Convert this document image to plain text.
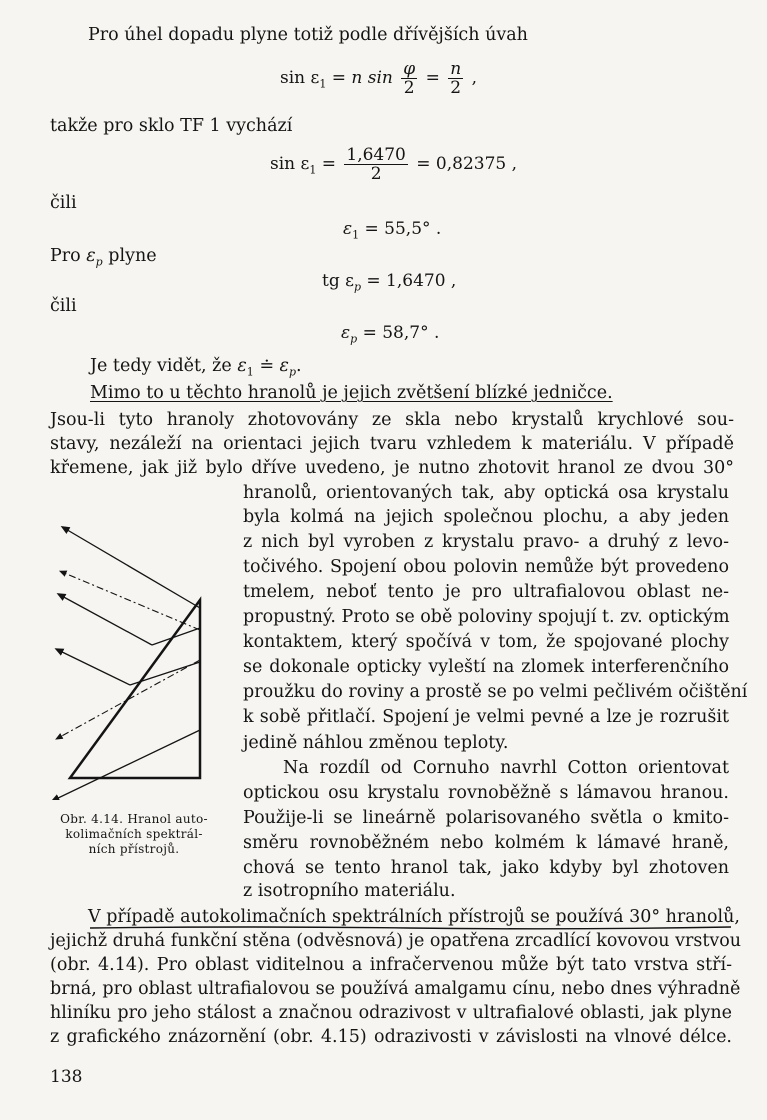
Pro úhel dopadu plyne totiž podle dřívějších úvah
$\sin \varepsilon_1 = n$ $\sin \frac{\varphi}{2} = \frac{n}{2}$ ,
takže pro sklo TF 1 vychází
$\sin \varepsilon_1 = \frac{1,6470}{2} = 0,82375$ ,
čili
$\varepsilon_1 = 55,5^\circ$ .
Pro $\varepsilon_p$ plyne
tg $\varepsilon_p = 1,6470$ ,
čili
$\varepsilon_p = 58,7^\circ$ .
Je tedy vidět, že $\varepsilon_1$ ≐ $\varepsilon_p$.
Mimo to u těchto hranolů je jejich zvětšení blízké jedničce.
Jsou-li tyto hranoly zhotovovány ze skla nebo krystalů krychlové sou-
stavy, nezáleží na orientaci jejich tvaru vzhledem k materiálu. V případě
křemene, jak již bylo dříve uvedeno, je nutno zhotovit hranol ze dvou 30°
hranolů, orientovaných tak, aby optická osa krystalu
byla kolmá na jejich společnou plochu, a aby jeden
z nich byl vyroben z krystalu pravo- a druhý z levo-
točivého. Spojení obou polovin nemůže být provedeno
tmelem, neboť tento je pro ultrafialovou oblast ne-
propustný. Proto se obě poloviny spojují t. zv. optickým
kontaktem, který spočívá v tom, že spojované plochy
se dokonale opticky vyleští na zlomek interferenčního
proužku do roviny a prostě se po velmi pečlivém očištění
k sobě přitlačí. Spojení je velmi pevné a lze je rozrušit
jedině náhlou změnou teploty.
Na rozdíl od Cornuho navrhl Cotton orientovat
optickou osu krystalu rovnoběžně s lámavou hranou.
Použije-li se lineárně polarisovaného světla o kmito-
směru rovnoběžném nebo kolmém k lámavé hraně,
chová se tento hranol tak, jako kdyby byl zhotoven
z isotropního materiálu.
Obr. 4.14. Hranol auto-
kolimačních spektrál-
ních přístrojů.
V případě autokolimačních spektrálních přístrojů se používá 30° hranolů,
jejichž druhá funkční stěna (odvěsnová) je opatřena zrcadlící kovovou vrstvou
(obr. 4.14). Pro oblast viditelnou a infračervenou může být tato vrstva stří-
brná, pro oblast ultrafialovou se používá amalgamu cínu, nebo dnes výhradně
hliníku pro jeho stálost a značnou odrazivost v ultrafialové oblasti, jak plyne
z grafického znázornění (obr. 4.15) odrazivosti v závislosti na vlnové délce.
138
